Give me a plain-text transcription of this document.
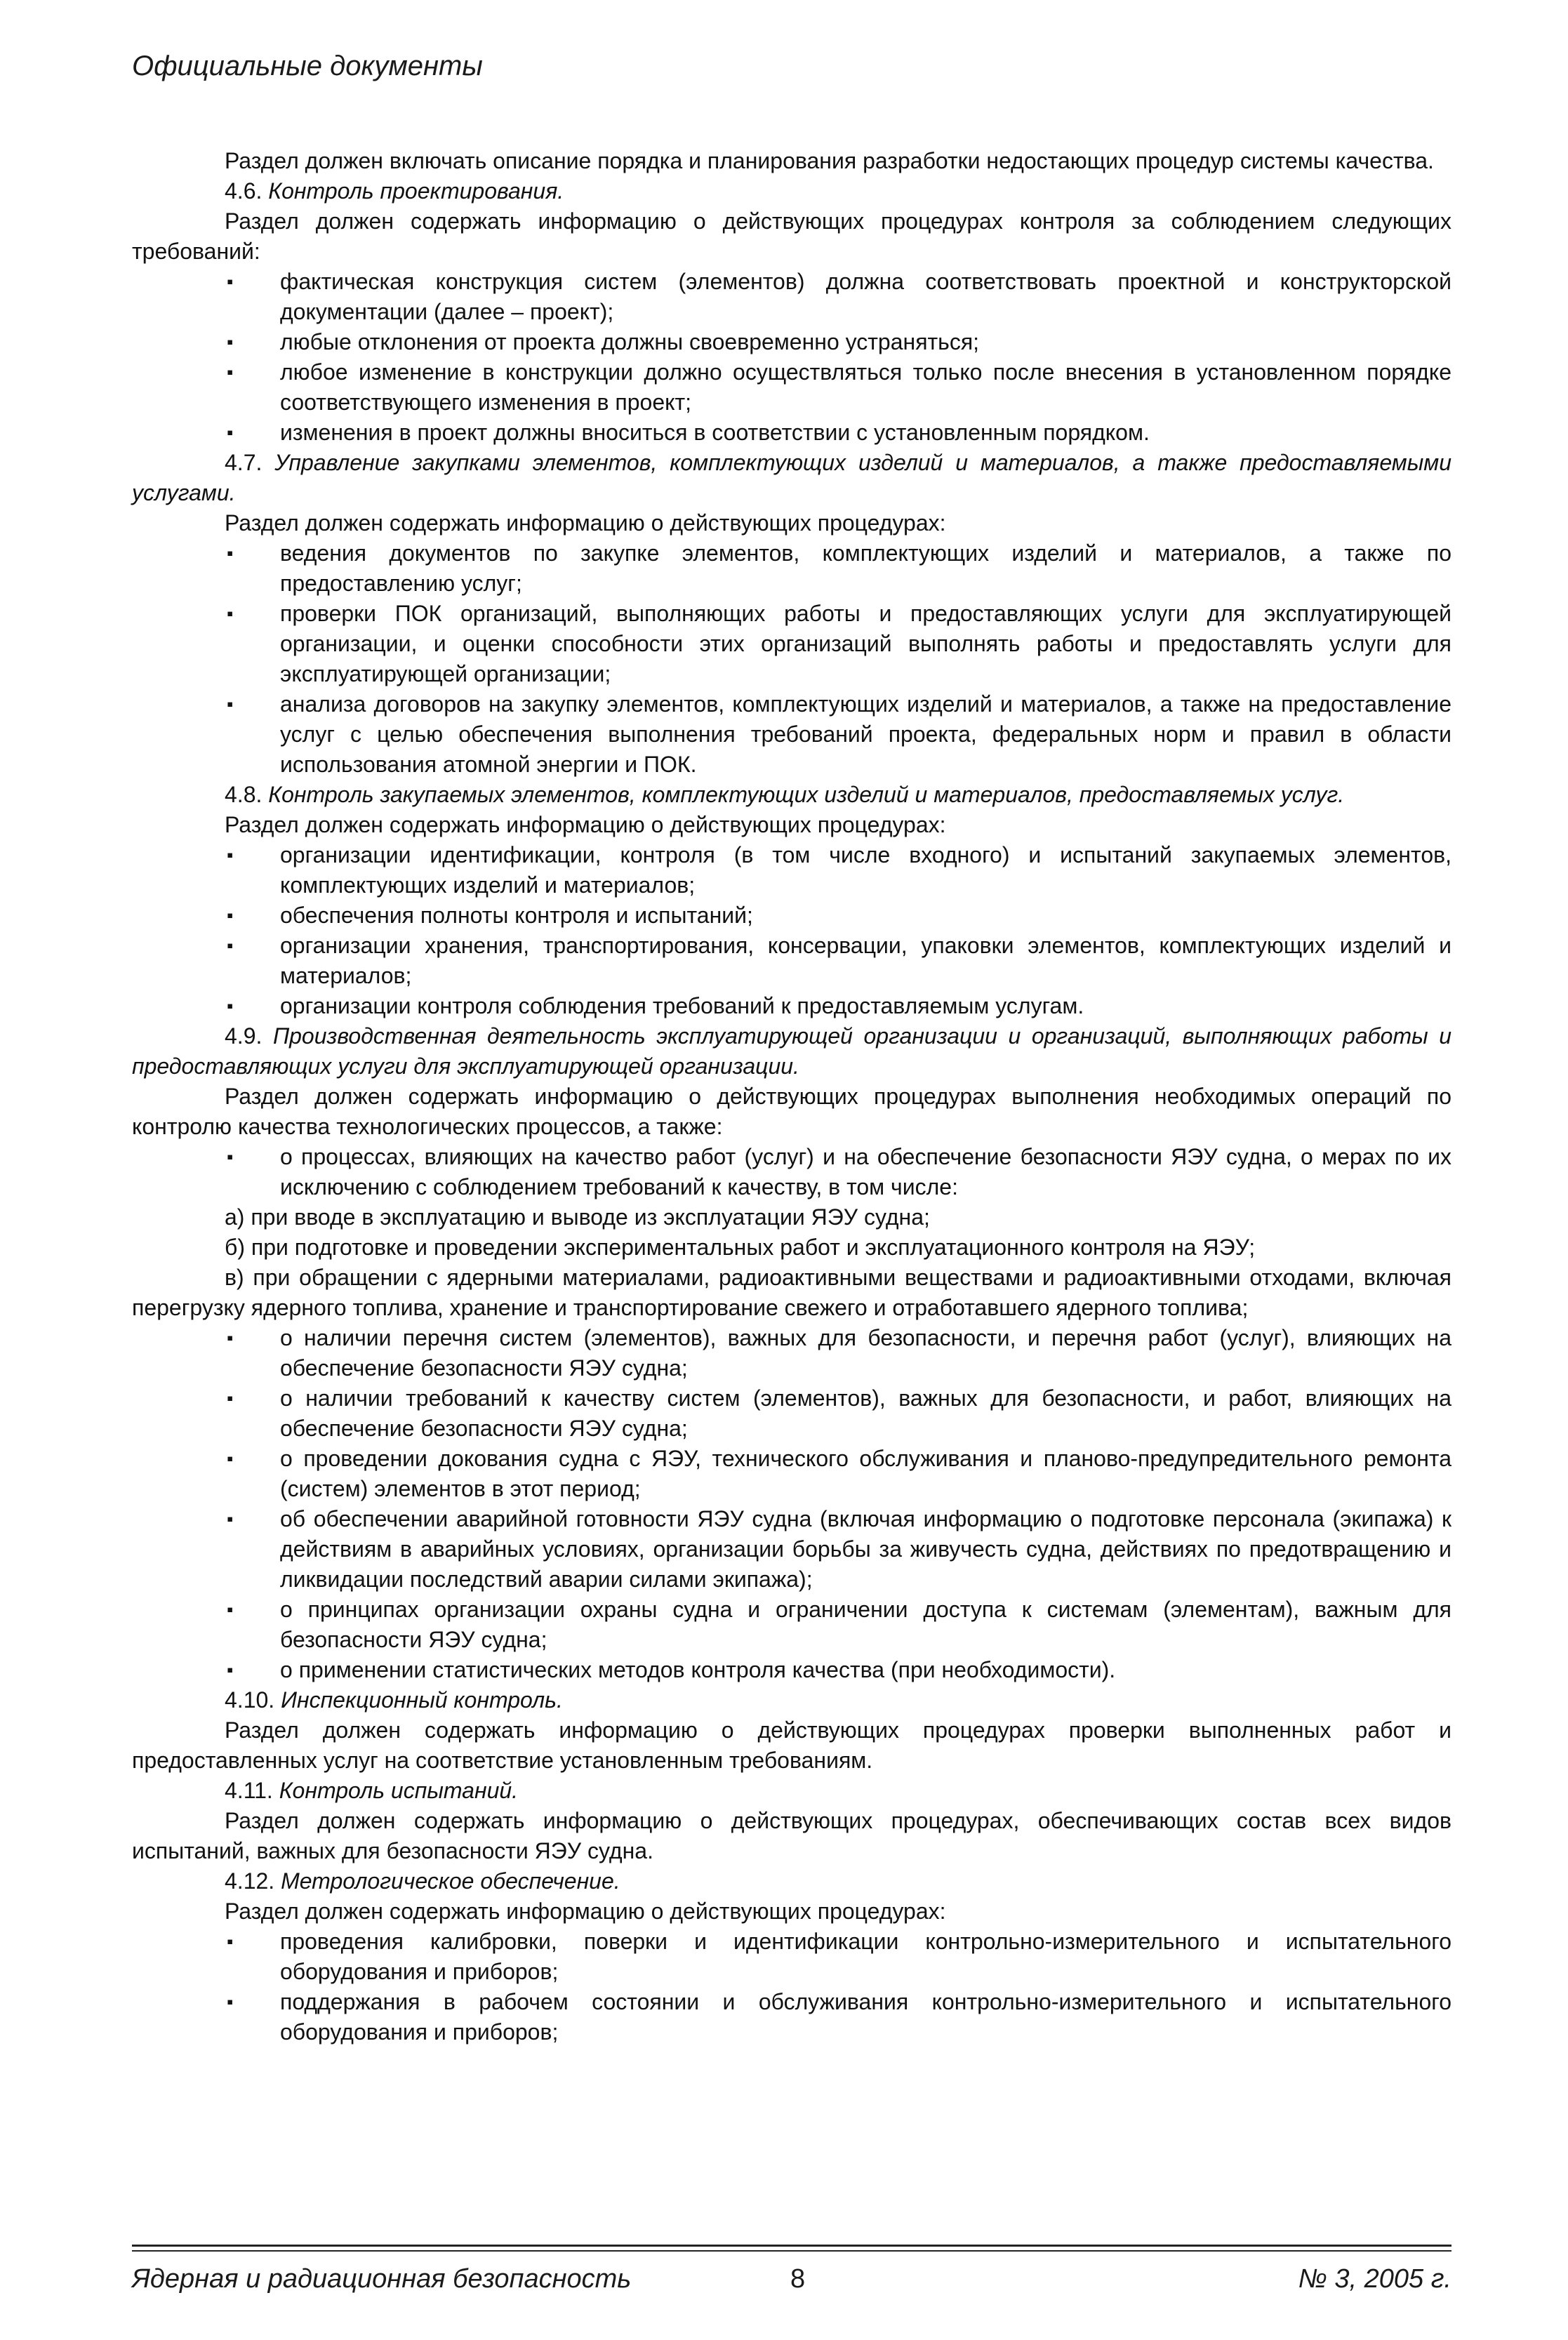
Официальные документы

Раздел должен включать описание порядка и планирования разработки недостающих процедур системы качества.

4.6. Контроль проектирования.

Раздел должен содержать информацию о действующих процедурах контроля за соблюдением следующих требований:

▪ фактическая конструкция систем (элементов) должна соответствовать проектной и конструкторской документации (далее – проект);
▪ любые отклонения от проекта должны своевременно устраняться;
▪ любое изменение в конструкции должно осуществляться только после внесения в установленном порядке соответствующего изменения в проект;
▪ изменения в проект должны вноситься в соответствии с установленным порядком.

4.7. Управление закупками элементов, комплектующих изделий и материалов, а также предоставляемыми услугами.

Раздел должен содержать информацию о действующих процедурах:

▪ ведения документов по закупке элементов, комплектующих изделий и материалов, а также по предоставлению услуг;
▪ проверки ПОК организаций, выполняющих работы и предоставляющих услуги для эксплуатирующей организации, и оценки способности этих организаций выполнять работы и предоставлять услуги для эксплуатирующей организации;
▪ анализа договоров на закупку элементов, комплектующих изделий и материалов, а также на предоставление услуг с целью обеспечения выполнения требований проекта, федеральных норм и правил в области использования атомной энергии и ПОК.

4.8. Контроль закупаемых элементов, комплектующих изделий и материалов, предоставляемых услуг.

Раздел должен содержать информацию о действующих процедурах:

▪ организации идентификации, контроля (в том числе входного) и испытаний закупаемых элементов, комплектующих изделий и материалов;
▪ обеспечения полноты контроля и испытаний;
▪ организации хранения, транспортирования, консервации, упаковки элементов, комплектующих изделий и материалов;
▪ организации контроля соблюдения требований к предоставляемым услугам.

4.9. Производственная деятельность эксплуатирующей организации и организаций, выполняющих работы и предоставляющих услуги для эксплуатирующей организации.

Раздел должен содержать информацию о действующих процедурах выполнения необходимых операций по контролю качества технологических процессов, а также:

▪ о процессах, влияющих на качество работ (услуг) и на обеспечение безопасности ЯЭУ судна, о мерах по их исключению с соблюдением требований к качеству, в том числе:

а) при вводе в эксплуатацию и выводе из эксплуатации ЯЭУ судна;

б) при подготовке и проведении экспериментальных работ и эксплуатационного контроля на ЯЭУ;

в) при обращении с ядерными материалами, радиоактивными веществами и радиоактивными отходами, включая перегрузку ядерного топлива, хранение и транспортирование свежего и отработавшего ядерного топлива;

▪ о наличии перечня систем (элементов), важных для безопасности, и перечня работ (услуг), влияющих на обеспечение безопасности ЯЭУ судна;
▪ о наличии требований к качеству систем (элементов), важных для безопасности, и работ, влияющих на обеспечение безопасности ЯЭУ судна;
▪ о проведении докования судна с ЯЭУ, технического обслуживания и планово-предупредительного ремонта (систем) элементов в этот период;
▪ об обеспечении аварийной готовности ЯЭУ судна (включая информацию о подготовке персонала (экипажа) к действиям в аварийных условиях, организации борьбы за живучесть судна, действиях по предотвращению и ликвидации последствий аварии силами экипажа);
▪ о принципах организации охраны судна и ограничении доступа к системам (элементам), важным для безопасности ЯЭУ судна;
▪ о применении статистических методов контроля качества (при необходимости).

4.10. Инспекционный контроль.

Раздел должен содержать информацию о действующих процедурах проверки выполненных работ и предоставленных услуг на соответствие установленным требованиям.

4.11. Контроль испытаний.

Раздел должен содержать информацию о действующих процедурах, обеспечивающих состав всех видов испытаний, важных для безопасности ЯЭУ судна.

4.12. Метрологическое обеспечение.

Раздел должен содержать информацию о действующих процедурах:

▪ проведения калибровки, поверки и идентификации контрольно-измерительного и испытательного оборудования и приборов;
▪ поддержания в рабочем состоянии и обслуживания контрольно-измерительного и испытательного оборудования и приборов;
Ядерная и радиационная безопасность	8	№ 3, 2005 г.
